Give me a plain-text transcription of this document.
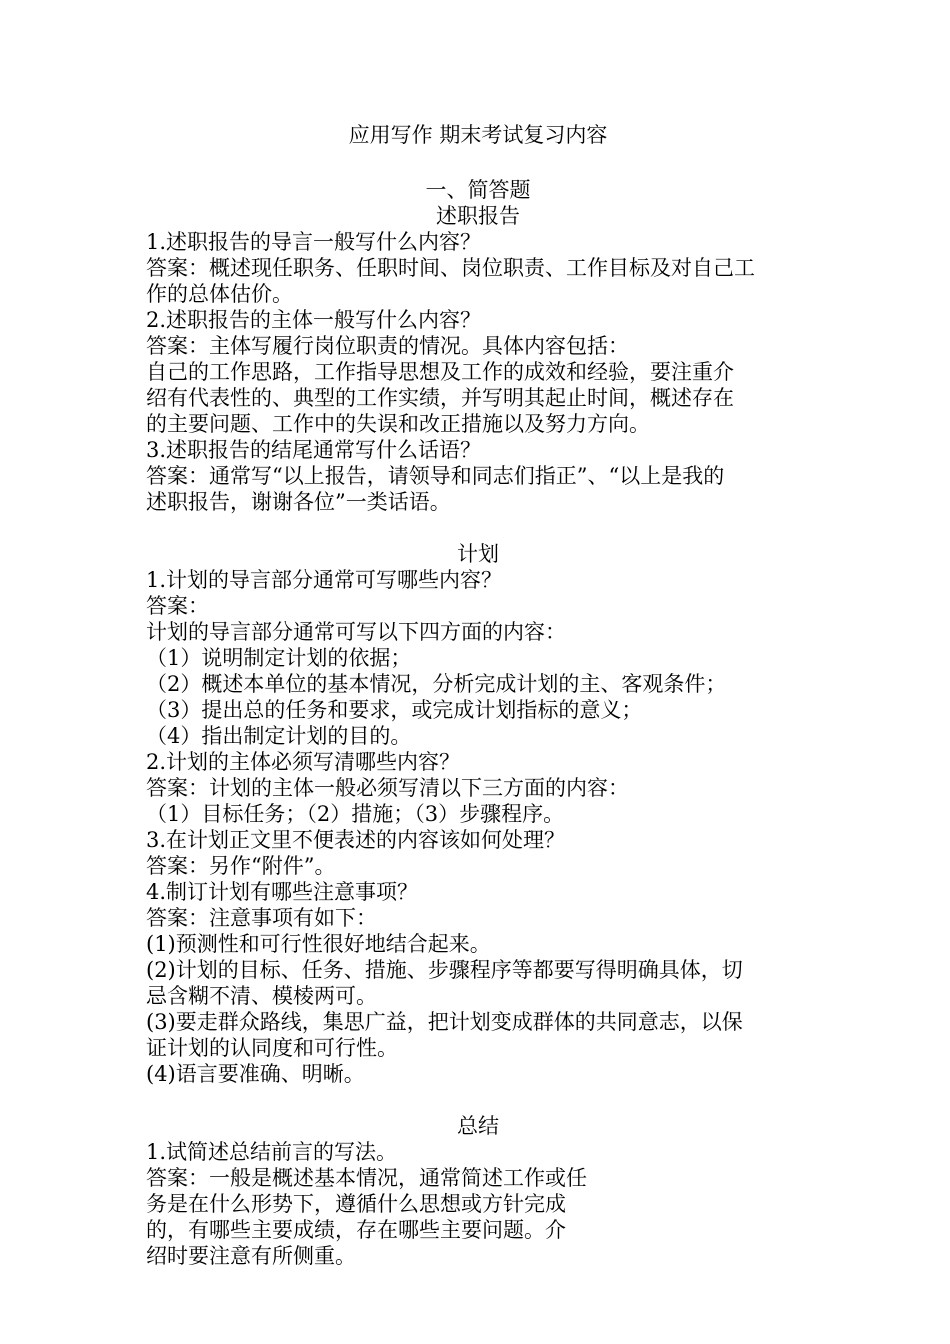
应用写作 期末考试复习内容

一、简答题

述职报告

1.述职报告的导言一般写什么内容？

答案：概述现任职务、任职时间、岗位职责、工作目标及对自己工

作的总体估价。

2.述职报告的主体一般写什么内容？

答案：主体写履行岗位职责的情况。具体内容包括：

自己的工作思路，工作指导思想及工作的成效和经验，要注重介

绍有代表性的、典型的工作实绩，并写明其起止时间，概述存在

的主要问题、工作中的失误和改正措施以及努力方向。

3.述职报告的结尾通常写什么话语？

答案：通常写“以上报告，请领导和同志们指正”、“以上是我的

述职报告，谢谢各位”一类话语。

计划

1.计划的导言部分通常可写哪些内容？

答案：

计划的导言部分通常可写以下四方面的内容：

（1）说明制定计划的依据；

（2）概述本单位的基本情况，分析完成计划的主、客观条件；

（3）提出总的任务和要求，或完成计划指标的意义；

（4）指出制定计划的目的。

2.计划的主体必须写清哪些内容？

答案：计划的主体一般必须写清以下三方面的内容：

（1）目标任务；（2）措施；（3）步骤程序。

3.在计划正文里不便表述的内容该如何处理？

答案：另作“附件”。

4.制订计划有哪些注意事项？

答案：注意事项有如下：

(1)预测性和可行性很好地结合起来。

(2)计划的目标、任务、措施、步骤程序等都要写得明确具体，切

忌含糊不清、模棱两可。

(3)要走群众路线，集思广益，把计划变成群体的共同意志，以保

证计划的认同度和可行性。

(4)语言要准确、明晰。

总结

1.试简述总结前言的写法。

答案：一般是概述基本情况，通常简述工作或任

务是在什么形势下，遵循什么思想或方针完成

的，有哪些主要成绩，存在哪些主要问题。介

绍时要注意有所侧重。
